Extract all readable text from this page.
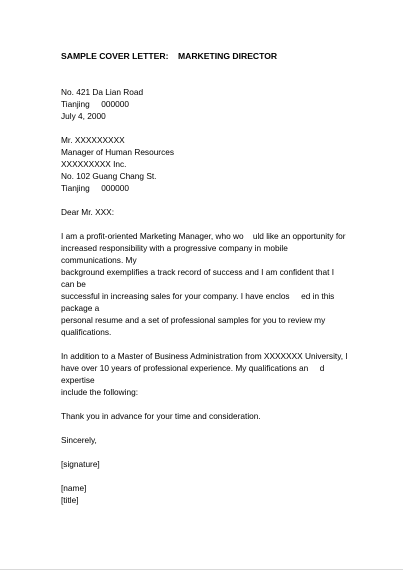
SAMPLE COVER LETTER:    MARKETING DIRECTOR
No. 421 Da Lian Road
Tianjing     000000
July 4, 2000
Mr. XXXXXXXXX
Manager of Human Resources
XXXXXXXXX Inc.
No. 102 Guang Chang St.
Tianjing     000000
Dear Mr. XXX:
I am a profit-oriented Marketing Manager, who wo    uld like an opportunity for
increased responsibility with a progressive company in mobile
communications. My
background exemplifies a track record of success and I am confident that I
can be
successful in increasing sales for your company. I have enclos     ed in this
package a
personal resume and a set of professional samples for you to review my
qualifications.
In addition to a Master of Business Administration from XXXXXXX University, I
have over 10 years of professional experience. My qualifications an     d
expertise
include the following:
Thank you in advance for your time and consideration.
Sincerely,
[signature]
[name]
[title]
